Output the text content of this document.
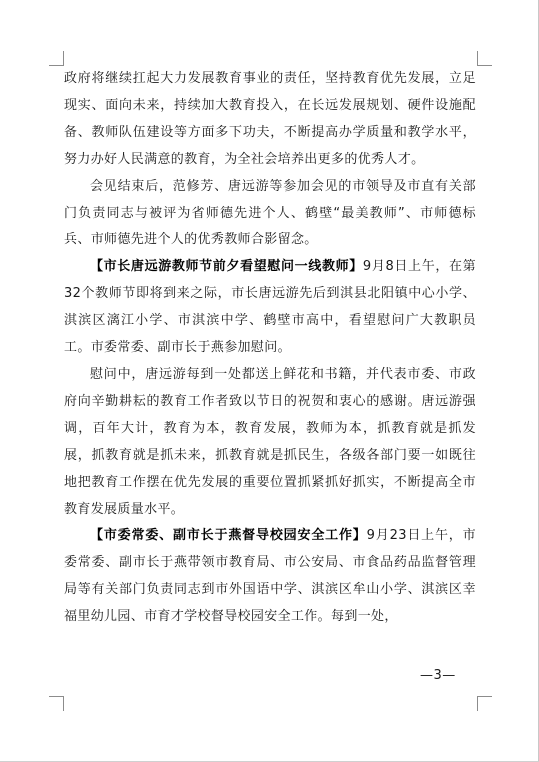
政府将继续扛起大力发展教育事业的责任，坚持教育优先发展，立足现实、面向未来，持续加大教育投入，在长远发展规划、硬件设施配备、教师队伍建设等方面多下功夫，不断提高办学质量和教学水平，努力办好人民满意的教育，为全社会培养出更多的优秀人才。

会见结束后，范修芳、唐远游等参加会见的市领导及市直有关部门负责同志与被评为省师德先进个人、鹤壁“最美教师”、市师德标兵、市师德先进个人的优秀教师合影留念。

【市长唐远游教师节前夕看望慰问一线教师】9月8日上午，在第32个教师节即将到来之际，市长唐远游先后到淇县北阳镇中心小学、淇滨区漓江小学、市淇滨中学、鹤壁市高中，看望慰问广大教职员工。市委常委、副市长于燕参加慰问。

慰问中，唐远游每到一处都送上鲜花和书籍，并代表市委、市政府向辛勤耕耘的教育工作者致以节日的祝贺和衷心的感谢。唐远游强调，百年大计，教育为本，教育发展，教师为本，抓教育就是抓发展，抓教育就是抓未来，抓教育就是抓民生，各级各部门要一如既往地把教育工作摆在优先发展的重要位置抓紧抓好抓实，不断提高全市教育发展质量水平。

【市委常委、副市长于燕督导校园安全工作】9月23日上午，市委常委、副市长于燕带领市教育局、市公安局、市食品药品监督管理局等有关部门负责同志到市外国语中学、淇滨区牟山小学、淇滨区幸福里幼儿园、市育才学校督导校园安全工作。每到一处，

—3—
